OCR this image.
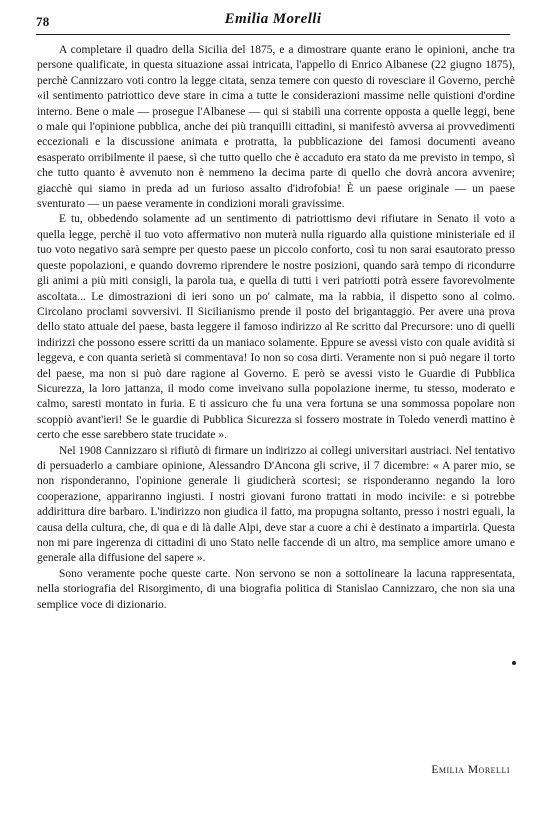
78	Emilia Morelli

A completare il quadro della Sicilia del 1875, e a dimostrare quante erano le opinioni, anche tra persone qualificate, in questa situazione assai intricata, l'appello di Enrico Albanese (22 giugno 1875), perchè Cannizzaro voti contro la legge citata, senza temere con questo di rovesciare il Governo, perchè «il sentimento patriottico deve stare in cima a tutte le considerazioni massime nelle quistioni d'ordine interno. Bene o male — prosegue l'Albanese — qui si stabilì una corrente opposta a quelle leggi, bene o male qui l'opinione pubblica, anche dei più tranquilli cittadini, si manifestò avversa ai provvedimenti eccezionali e la discussione animata e protratta, la pubblicazione dei famosi documenti aveano esasperato orribilmente il paese, sì che tutto quello che è accaduto era stato da me previsto in tempo, sì che tutto quanto è avvenuto non è nemmeno la decima parte di quello che dovrà ancora avvenire; giacchè qui siamo in preda ad un furioso assalto d'idrofobia! È un paese originale — un paese sventurato — un paese veramente in condizioni morali gravissime.

E tu, obbedendo solamente ad un sentimento di patriottismo devi rifiutare in Senato il voto a quella legge, perchè il tuo voto affermativo non muterà nulla riguardo alla quistione ministeriale ed il tuo voto negativo sarà sempre per questo paese un piccolo conforto, così tu non sarai esautorato presso queste popolazioni, e quando dovremo riprendere le nostre posizioni, quando sarà tempo di ricondurre gli animi a più miti consigli, la parola tua, e quella di tutti i veri patriotti potrà essere favorevolmente ascoltata... Le dimostrazioni di ieri sono un po' calmate, ma la rabbia, il dispetto sono al colmo. Circolano proclami sovversivi. Il Sicilianismo prende il posto del brigantaggio. Per avere una prova dello stato attuale del paese, basta leggere il famoso indirizzo al Re scritto dal Precursore: uno di quelli indirizzi che possono essere scritti da un maniaco solamente. Eppure se avessi visto con quale avidità si leggeva, e con quanta serietà si commentava! Io non so cosa dirti. Veramente non si può negare il torto del paese, ma non si può dare ragione al Governo. E però se avessi visto le Guardie di Pubblica Sicurezza, la loro jattanza, il modo come inveivano sulla popolazione inerme, tu stesso, moderato e calmo, saresti montato in furia. E ti assicuro che fu una vera fortuna se una sommossa popolare non scoppiò avant'ieri! Se le guardie di Pubblica Sicurezza si fossero mostrate in Toledo venerdì mattino è certo che esse sarebbero state trucidate ».

Nel 1908 Cannizzaro si rifiutò di firmare un indirizzo ai collegi universitari austriaci. Nel tentativo di persuaderlo a cambiare opinione, Alessandro D'Ancona gli scrive, il 7 dicembre: « A parer mio, se non risponderanno, l'opinione generale li giudicherà scortesi; se risponderanno negando la loro cooperazione, appariranno ingiusti. I nostri giovani furono trattati in modo incivile: e si potrebbe addirittura dire barbaro. L'indirizzo non giudica il fatto, ma propugna soltanto, presso i nostri eguali, la causa della cultura, che, di qua e di là dalle Alpi, deve star a cuore a chi è destinato a impartirla. Questa non mi pare ingerenza di cittadini di uno Stato nelle faccende di un altro, ma semplice amore umano e generale alla diffusione del sapere ».

Sono veramente poche queste carte. Non servono se non a sottolineare la lacuna rappresentata, nella storiografia del Risorgimento, di una biografia politica di Stanislao Cannizzaro, che non sia una semplice voce di dizionario.

Emilia Morelli
